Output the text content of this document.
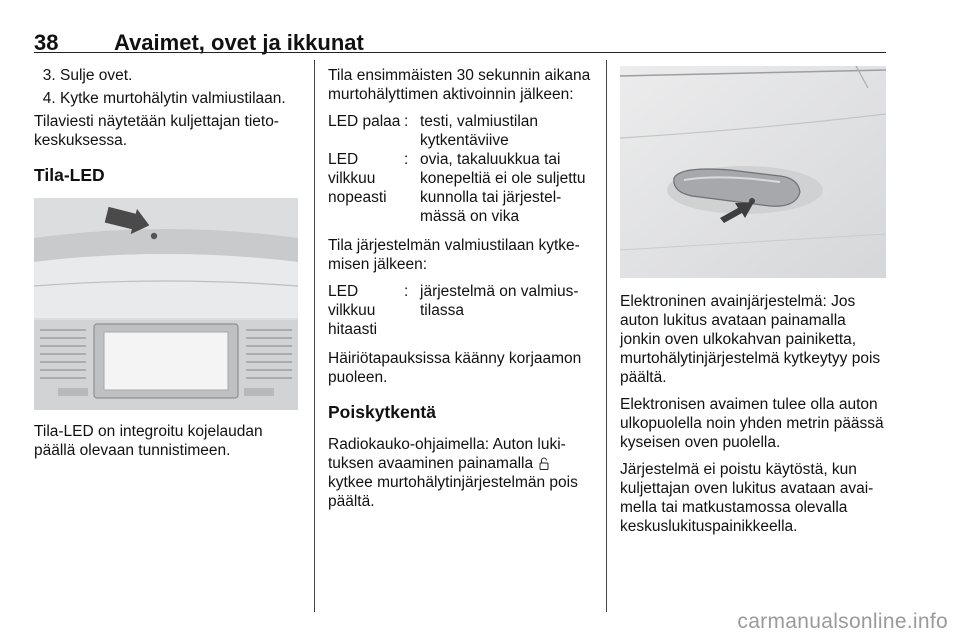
38	Avaimet, ovet ja ikkunat
3. Sulje ovet.
4. Kytke murtohälytin valmiustilaan.

Tilaviesti näytetään kuljettajan tieto-keskuksessa.

Tila-LED

Tila-LED on integroitu kojelaudan päällä olevaan tunnistimeen.

Tila ensimmäisten 30 sekunnin aikana murtohälyttimen aktivoinnin jälkeen:

LED palaa	:	testi, valmiustilan kytkentäviive
LED vilkkuu nopeasti	:	ovia, takaluukkua tai konepeltiä ei ole suljettu kunnolla tai järjestel-mässä on vika

Tila järjestelmän valmiustilaan kytke-misen jälkeen:

LED vilkkuu hitaasti	:	järjestelmä on valmius-tilassa

Häiriötapauksissa käänny korjaamon puoleen.

Poiskytkentä

Radiokauko-ohjaimella: Auton luki-tuksen avaaminen painamalla  kytkee murtohälytinjärjestelmän pois päältä.

Elektroninen avainjärjestelmä: Jos auton lukitus avataan painamalla jonkin oven ulkokahvan painiketta, murtohälytinjärjestelmä kytkeytyy pois päältä.

Elektronisen avaimen tulee olla auton ulkopuolella noin yhden metrin päässä kyseisen oven puolella.

Järjestelmä ei poistu käytöstä, kun kuljettajan oven lukitus avataan avai-mella tai matkustamossa olevalla keskuslukituspainikkeella.

carmanualsonline.info
